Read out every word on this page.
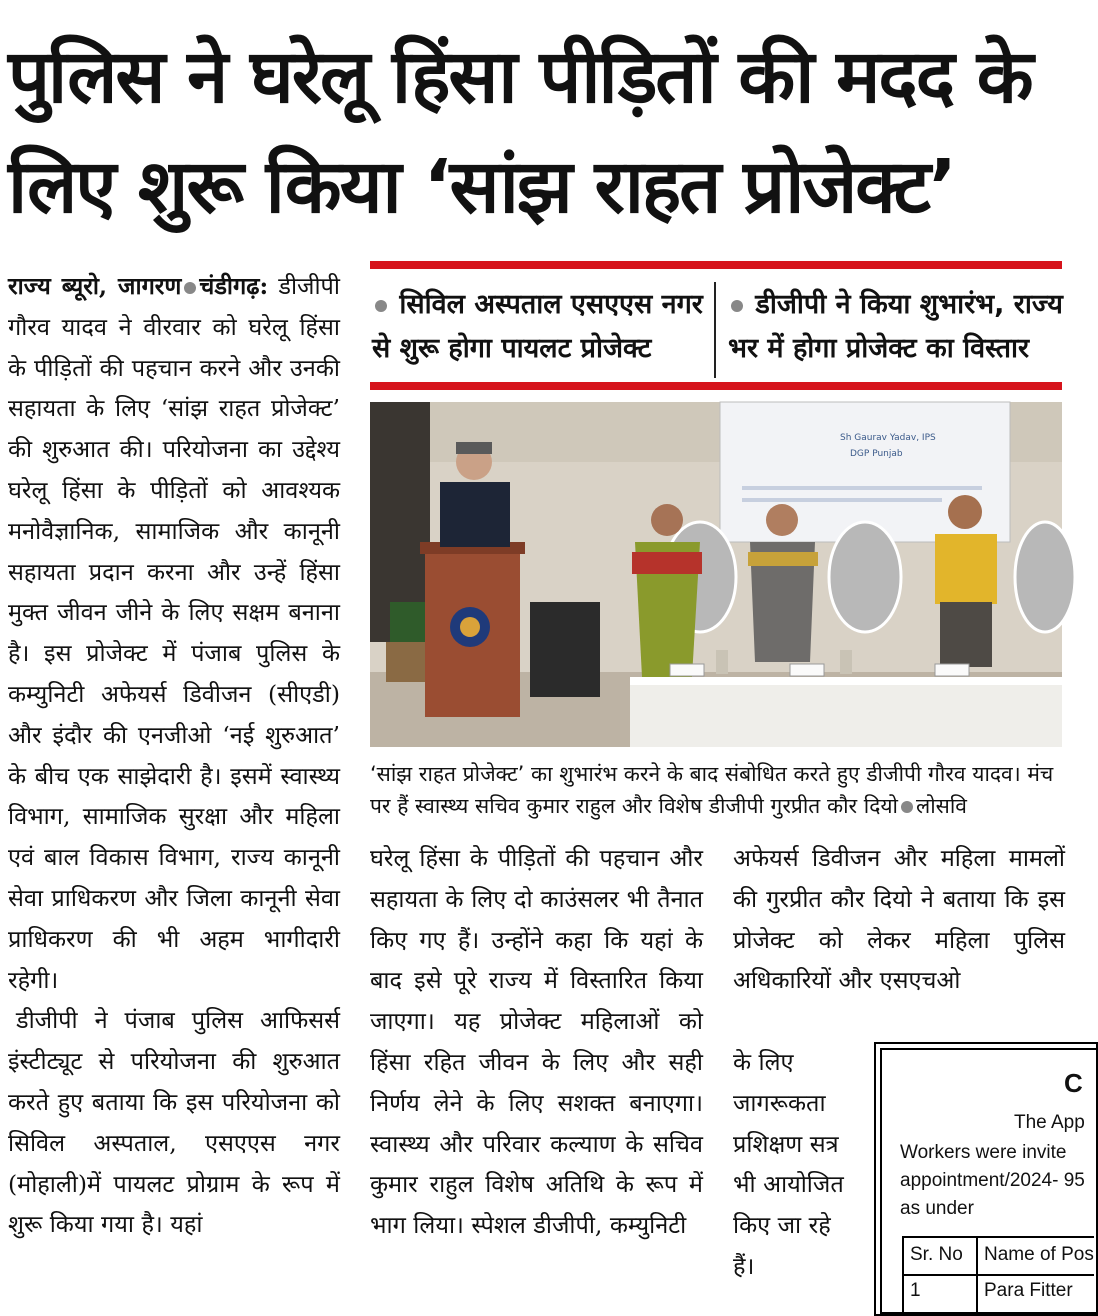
पुलिस ने घरेलू हिंसा पीड़ितों की मदद के
लिए शुरू किया ‘सांझ राहत प्रोजेक्ट’

राज्य ब्यूरो, जागरण चंडीगढ़: डीजीपी गौरव यादव ने वीरवार को घरेलू हिंसा के पीड़ितों की पहचान करने और उनकी सहायता के लिए ‘सांझ राहत प्रोजेक्ट’ की शुरुआत की। परियोजना का उद्देश्य घरेलू हिंसा के पीड़ितों को आवश्यक मनोवैज्ञानिक, सामाजिक और कानूनी सहायता प्रदान करना और उन्हें हिंसा मुक्त जीवन जीने के लिए सक्षम बनाना है। इस प्रोजेक्ट में पंजाब पुलिस के कम्युनिटी अफेयर्स डिवीजन (सीएडी) और इंदौर की एनजीओ ‘नई शुरुआत’ के बीच एक साझेदारी है। इसमें स्वास्थ्य विभाग, सामाजिक सुरक्षा और महिला एवं बाल विकास विभाग, राज्य कानूनी सेवा प्राधिकरण और जिला कानूनी सेवा प्राधिकरण की भी अहम भागीदारी रहेगी।

डीजीपी ने पंजाब पुलिस आफिसर्स इंस्टीट्यूट से परियोजना की शुरुआत करते हुए बताया कि इस परियोजना को सिविल अस्पताल, एसएएस नगर (मोहाली)में पायलट प्रोग्राम के रूप में शुरू किया गया है। यहां

सिविल अस्पताल एसएएस नगर से शुरू होगा पायलट प्रोजेक्ट
डीजीपी ने किया शुभारंभ, राज्य भर में होगा प्रोजेक्ट का विस्तार
Sh Gaurav Yadav, IPS
DGP Punjab
‘सांझ राहत प्रोजेक्ट’ का शुभारंभ करने के बाद संबोधित करते हुए डीजीपी गौरव यादव। मंच पर हैं स्वास्थ्य सचिव कुमार राहुल और विशेष डीजीपी गुरप्रीत कौर दियो लोसवि

घरेलू हिंसा के पीड़ितों की पहचान और सहायता के लिए दो काउंसलर भी तैनात किए गए हैं। उन्होंने कहा कि यहां के बाद इसे पूरे राज्य में विस्तारित किया जाएगा। यह प्रोजेक्ट महिलाओं को हिंसा रहित जीवन के लिए और सही निर्णय लेने के लिए सशक्त बनाएगा। स्वास्थ्य और परिवार कल्याण के सचिव कुमार राहुल विशेष अतिथि के रूप में भाग लिया। स्पेशल डीजीपी, कम्युनिटी

अफेयर्स डिवीजन और महिला मामलों की गुरप्रीत कौर दियो ने बताया कि इस प्रोजेक्ट को लेकर महिला पुलिस अधिकारियों और एसएचओ

के लिए जागरूकता प्रशिक्षण सत्र भी आयोजित किए जा रहे हैं।

C
The App
Workers were invite
appointment/2024- 95
as under
Sr. No Name of Pos
1	Para Fitter
